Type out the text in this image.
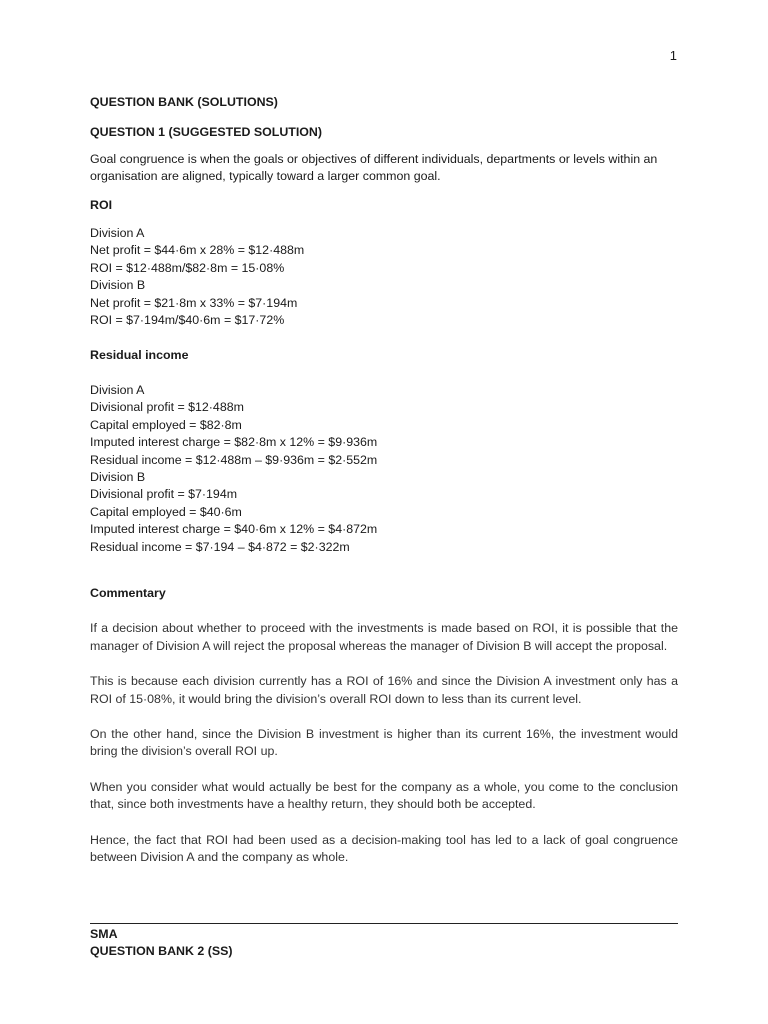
1

QUESTION BANK (SOLUTIONS)

QUESTION 1 (SUGGESTED SOLUTION)

Goal congruence is when the goals or objectives of different individuals, departments or levels within an organisation are aligned, typically toward a larger common goal.

ROI

Division A
Net profit = $44·6m x 28% = $12·488m
ROI = $12·488m/$82·8m = 15·08%
Division B
Net profit = $21·8m x 33% = $7·194m
ROI = $7·194m/$40·6m = $17·72%

Residual income

Division A
Divisional profit = $12·488m
Capital employed = $82·8m
Imputed interest charge = $82·8m x 12% = $9·936m
Residual income = $12·488m – $9·936m = $2·552m
Division B
Divisional profit = $7·194m
Capital employed = $40·6m
Imputed interest charge = $40·6m x 12% = $4·872m
Residual income = $7·194 – $4·872 = $2·322m

Commentary

If a decision about whether to proceed with the investments is made based on ROI, it is possible that the manager of Division A will reject the proposal whereas the manager of Division B will accept the proposal.

This is because each division currently has a ROI of 16% and since the Division A investment only has a ROI of 15·08%, it would bring the division’s overall ROI down to less than its current level.

On the other hand, since the Division B investment is higher than its current 16%, the investment would bring the division’s overall ROI up.

When you consider what would actually be best for the company as a whole, you come to the conclusion that, since both investments have a healthy return, they should both be accepted.

Hence, the fact that ROI had been used as a decision-making tool has led to a lack of goal congruence between Division A and the company as whole.

SMA
QUESTION BANK 2 (SS)
